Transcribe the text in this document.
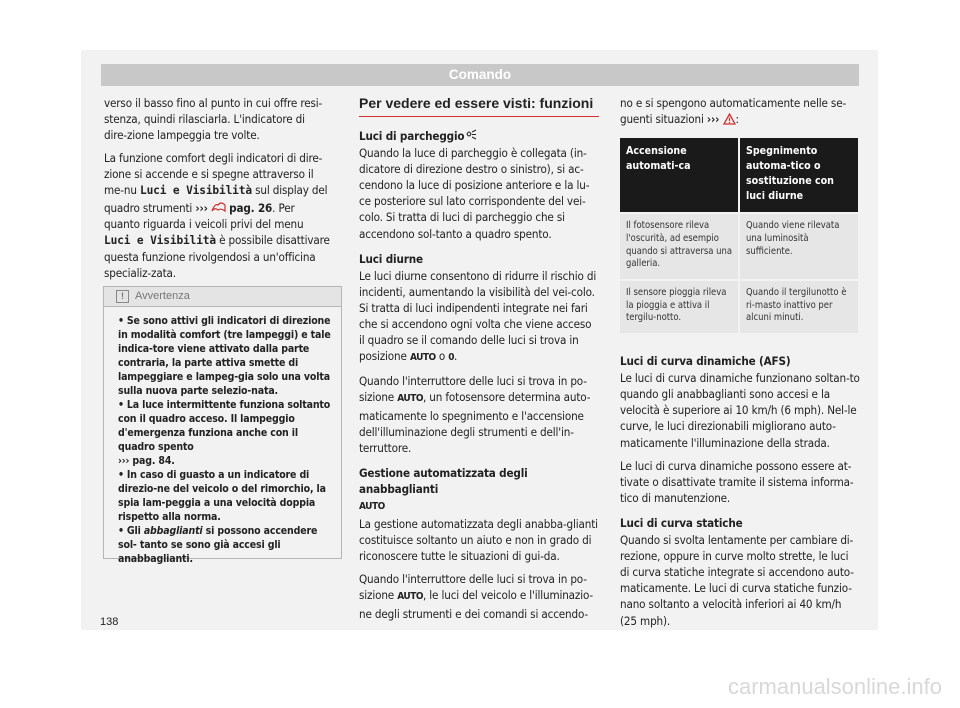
Comando

verso il basso fino al punto in cui offre resi-stenza, quindi rilasciarla. L'indicatore di dire-zione lampeggia tre volte.

La funzione comfort degli indicatori di dire-zione si accende e si spegne attraverso il me-nu Luci e Visibilità sul display del quadro strumenti ››› pag. 26. Per quanto riguarda i veicoli privi del menu Luci e Visibilità è possibile disattivare questa funzione rivolgendosi a un'officina specializ-zata.

!	Avvertenza
• Se sono attivi gli indicatori di direzione in modalità comfort (tre lampeggi) e tale indica-tore viene attivato dalla parte contraria, la parte attiva smette di lampeggiare e lampeg-gia solo una volta sulla nuova parte selezio-nata.
• La luce intermittente funziona soltanto con il quadro acceso. Il lampeggio d'emergenza funziona anche con il quadro spento
››› pag. 84.
• In caso di guasto a un indicatore di direzio-ne del veicolo o del rimorchio, la spia lam-peggia a una velocità doppia rispetto alla norma.
• Gli abbaglianti si possono accendere sol- tanto se sono già accesi gli anabbaglianti.
Per vedere ed essere visti: funzioni

Luci di parcheggio

Quando la luce di parcheggio è collegata (in-dicatore di direzione destro o sinistro), si ac-cendono la luce di posizione anteriore e la lu-ce posteriore sul lato corrispondente del vei-colo. Si tratta di luci di parcheggio che si accendono sol-tanto a quadro spento.

Luci diurne

Le luci diurne consentono di ridurre il rischio di incidenti, aumentando la visibilità del vei-colo. Si tratta di luci indipendenti integrate nei fari che si accendono ogni volta che viene acceso il quadro se il comando delle luci si trova in posizione AUTO o 0.

Quando l'interruttore delle luci si trova in po-sizione AUTO, un fotosensore determina auto-maticamente lo spegnimento e l'accensione dell'illuminazione degli strumenti e dell'in-terruttore.

Gestione automatizzata degli anabbaglianti
AUTO

La gestione automatizzata degli anabba-glianti costituisce soltanto un aiuto e non in grado di riconoscere tutte le situazioni di gui-da.

Quando l'interruttore delle luci si trova in po-sizione AUTO, le luci del veicolo e l'illuminazio-ne degli strumenti e dei comandi si accendo-

no e si spengono automaticamente nelle se-guenti situazioni ››› :

Accensione automati-ca	Spegnimento automa-tico o sostituzione con luci diurne
Il fotosensore rileva l'oscurità, ad esempio quando si attraversa una galleria.	Quando viene rilevata una luminosità sufficiente.
Il sensore pioggia rileva la pioggia e attiva il tergilu-notto.	Quando il tergilunotto è ri-masto inattivo per alcuni minuti.

Luci di curva dinamiche (AFS)

Le luci di curva dinamiche funzionano soltan-to quando gli anabbaglianti sono accesi e la velocità è superiore ai 10 km/h (6 mph). Nel-le curve, le luci direzionabili migliorano auto-maticamente l'illuminazione della strada.

Le luci di curva dinamiche possono essere at-tivate o disattivate tramite il sistema informa-tico di manutenzione.

Luci di curva statiche

Quando si svolta lentamente per cambiare di-rezione, oppure in curve molto strette, le luci di curva statiche integrate si accendono auto-maticamente. Le luci di curva statiche funzio-nano soltanto a velocità inferiori ai 40 km/h (25 mph).

138
carmanualsonline.info
